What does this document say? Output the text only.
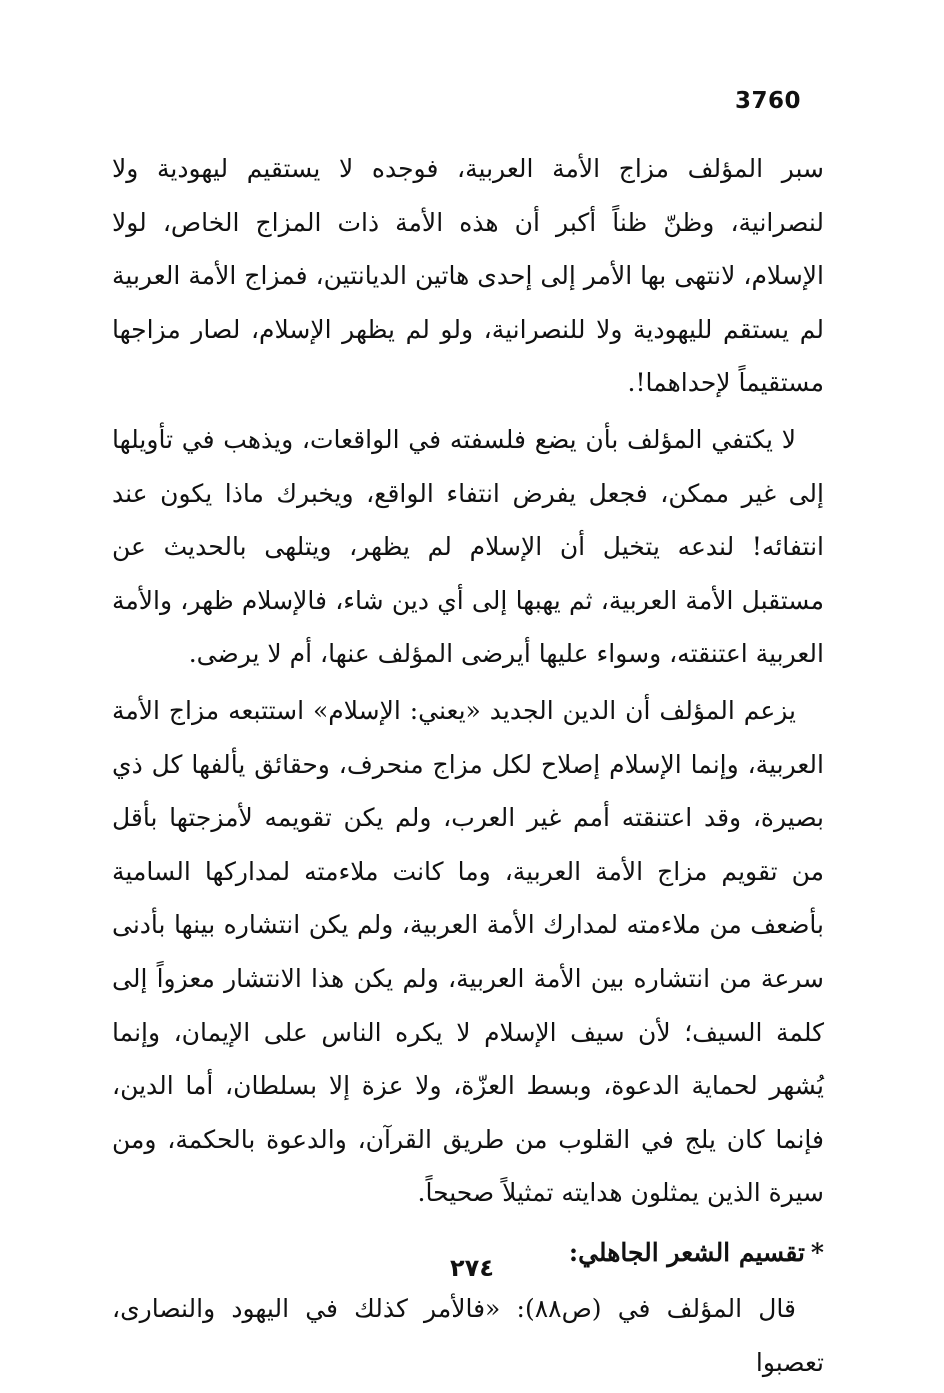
3760

سبر المؤلف مزاج الأمة العربية، فوجده لا يستقيم ليهودية ولا لنصرانية، وظنّ ظناً أكبر أن هذه الأمة ذات المزاج الخاص، لولا الإسلام، لانتهى بها الأمر إلى إحدى هاتين الديانتين، فمزاج الأمة العربية لم يستقم لليهودية ولا للنصرانية، ولو لم يظهر الإسلام، لصار مزاجها مستقيماً لإحداهما!.

لا يكتفي المؤلف بأن يضع فلسفته في الواقعات، ويذهب في تأويلها إلى غير ممكن، فجعل يفرض انتفاء الواقع، ويخبرك ماذا يكون عند انتفائه! لندعه يتخيل أن الإسلام لم يظهر، ويتلهى بالحديث عن مستقبل الأمة العربية، ثم يهبها إلى أي دين شاء، فالإسلام ظهر، والأمة العربية اعتنقته، وسواء عليها أيرضى المؤلف عنها، أم لا يرضى.

يزعم المؤلف أن الدين الجديد «يعني: الإسلام» استتبعه مزاج الأمة العربية، وإنما الإسلام إصلاح لكل مزاج منحرف، وحقائق يألفها كل ذي بصيرة، وقد اعتنقته أمم غير العرب، ولم يكن تقويمه لأمزجتها بأقل من تقويم مزاج الأمة العربية، وما كانت ملاءمته لمداركها السامية بأضعف من ملاءمته لمدارك الأمة العربية، ولم يكن انتشاره بينها بأدنى سرعة من انتشاره بين الأمة العربية، ولم يكن هذا الانتشار معزواً إلى كلمة السيف؛ لأن سيف الإسلام لا يكره الناس على الإيمان، وإنما يُشهر لحماية الدعوة، وبسط العزّة، ولا عزة إلا بسلطان، أما الدين، فإنما كان يلج في القلوب من طريق القرآن، والدعوة بالحكمة، ومن سيرة الذين يمثلون هدايته تمثيلاً صحيحاً.

*تقسيم الشعر الجاهلي:

قال المؤلف في (ص٨٨): «فالأمر كذلك في اليهود والنصارى، تعصبوا

٢٧٤
